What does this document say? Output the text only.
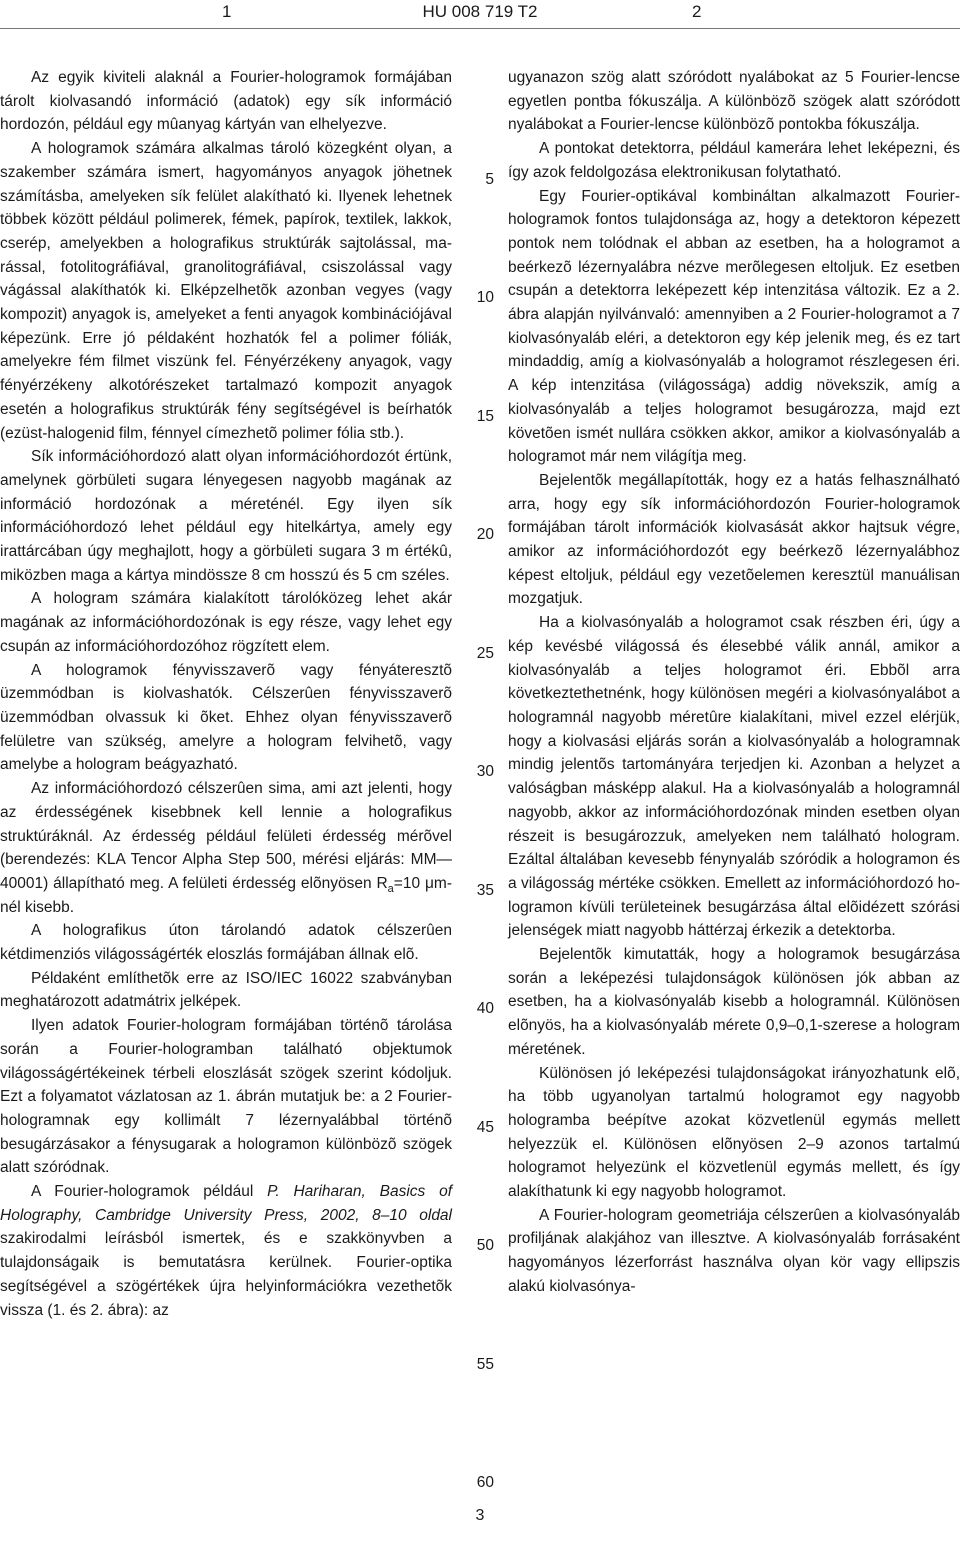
1	HU 008 719 T2	2

Az egyik kiviteli alaknál a Fourier-hologramok formájában tárolt kiolvasandó információ (adatok) egy sík információ hordozón, például egy mûanyag kártyán van elhelyezve.

A hologramok számára alkalmas tároló közegként olyan, a szakember számára ismert, hagyományos anyagok jöhetnek számításba, amelyeken sík felület alakítható ki. Ilyenek lehetnek többek között például polimerek, fémek, papírok, textilek, lakkok, cserép, amelyekben a holografikus struktúrák sajtolással, marással, fotolitográfiával, granolitográfiával, csiszolással vagy vágással alakíthatók ki. Elképzelhetõk azonban vegyes (vagy kompozit) anyagok is, amelyeket a fenti anyagok kombinációjával képezünk. Erre jó példaként hozhatók fel a polimer fóliák, amelyekre fém filmet viszünk fel. Fényérzékeny anyagok, vagy fényérzékeny alkotórészeket tartalmazó kompozit anyagok esetén a holografikus struktúrák fény segítségével is beírhatók (ezüst-halogenid film, fénnyel címezhetõ polimer fólia stb.).

Sík információhordozó alatt olyan információhordozót értünk, amelynek görbületi sugara lényegesen nagyobb magának az információ hordozónak a méreténél. Egy ilyen sík információhordozó lehet például egy hitelkártya, amely egy irattárcában úgy meghajlott, hogy a görbületi sugara 3 m értékû, miközben maga a kártya mindössze 8 cm hosszú és 5 cm széles.

A hologram számára kialakított tárolóközeg lehet akár magának az információhordozónak is egy része, vagy lehet egy csupán az információhordozóhoz rögzített elem.

A hologramok fényvisszaverõ vagy fényáteresztõ üzemmódban is kiolvashatók. Célszerûen fényvisszaverõ üzemmódban olvassuk ki õket. Ehhez olyan fényvisszaverõ felületre van szükség, amelyre a hologram felvihetõ, vagy amelybe a hologram beágyazható.

Az információhordozó célszerûen sima, ami azt jelenti, hogy az érdességének kisebbnek kell lennie a holografikus struktúráknál. Az érdesség például felületi érdesség mérõvel (berendezés: KLA Tencor Alpha Step 500, mérési eljárás: MM—40001) állapítható meg. A felületi érdesség elõnyösen $R_a=10$ μm-nél kisebb.

A holografikus úton tárolandó adatok célszerûen kétdimenziós világosságérték eloszlás formájában állnak elõ.

Példaként említhetõk erre az ISO/IEC 16022 szabványban meghatározott adatmátrix jelképek.

Ilyen adatok Fourier-hologram formájában történõ tárolása során a Fourier-hologramban található objektumok világosságértékeinek térbeli eloszlását szögek szerint kódoljuk. Ezt a folyamatot vázlatosan az 1. ábrán mutatjuk be: a 2 Fourier-hologramnak egy kollimált 7 lézernyalábbal történõ besugárzásakor a fénysugarak a hologramon különbözõ szögek alatt szóródnak.

A Fourier-hologramok például P. Hariharan, Basics of Holography, Cambridge University Press, 2002, 8–10 oldal szakirodalmi leírásból ismertek, és e szakkönyvben a tulajdonságaik is bemutatásra kerülnek. Fourier-optika segítségével a szögértékek újra helyinformációkra vezethetõk vissza (1. és 2. ábra): az

5
10
15
20
25
30
35
40
45
50
55
60

ugyanazon szög alatt szóródott nyalábokat az 5 Fourier-lencse egyetlen pontba fókuszálja. A különbözõ szögek alatt szóródott nyalábokat a Fourier-lencse különbözõ pontokba fókuszálja.

A pontokat detektorra, például kamerára lehet leképezni, és így azok feldolgozása elektronikusan folytatható.

Egy Fourier-optikával kombináltan alkalmazott Fourier-hologramok fontos tulajdonsága az, hogy a detektoron képezett pontok nem tolódnak el abban az esetben, ha a hologramot a beérkezõ lézernyalábra nézve merõlegesen eltoljuk. Ez esetben csupán a detektorra leképezett kép intenzitása változik. Ez a 2. ábra alapján nyilvánvaló: amennyiben a 2 Fourier-hologramot a 7 kiolvasónyaláb eléri, a detektoron egy kép jelenik meg, és ez tart mindaddig, amíg a kiolvasónyaláb a hologramot részlegesen éri. A kép intenzitása (világossága) addig növekszik, amíg a kiolvasónyaláb a teljes hologramot besugározza, majd ezt követõen ismét nullára csökken akkor, amikor a kiolvasónyaláb a hologramot már nem világítja meg.

Bejelentõk megállapították, hogy ez a hatás felhasználható arra, hogy egy sík információhordozón Fourier-hologramok formájában tárolt információk kiolvasását akkor hajtsuk végre, amikor az információhordozót egy beérkezõ lézernyalábhoz képest eltoljuk, például egy vezetõelemen keresztül manuálisan mozgatjuk.

Ha a kiolvasónyaláb a hologramot csak részben éri, úgy a kép kevésbé világossá és élesebbé válik annál, amikor a kiolvasónyaláb a teljes hologramot éri. Ebbõl arra következtethetnénk, hogy különösen megéri a kiolvasónyalábot a hologramnál nagyobb méretûre kialakítani, mivel ezzel elérjük, hogy a kiolvasási eljárás során a kiolvasónyaláb a hologramnak mindig jelentõs tartományára terjedjen ki. Azonban a helyzet a valóságban másképp alakul. Ha a kiolvasónyaláb a hologramnál nagyobb, akkor az információhordozónak minden esetben olyan részeit is besugározzuk, amelyeken nem található hologram. Ezáltal általában kevesebb fénynyaláb szóródik a hologramon és a világosság mértéke csökken. Emellett az információhordozó hologramon kívüli területeinek besugárzása által elõidézett szórási jelenségek miatt nagyobb háttérzaj érkezik a detektorba.

Bejelentõk kimutatták, hogy a hologramok besugárzása során a leképezési tulajdonságok különösen jók abban az esetben, ha a kiolvasónyaláb kisebb a hologramnál. Különösen elõnyös, ha a kiolvasónyaláb mérete 0,9–0,1-szerese a hologram méretének.

Különösen jó leképezési tulajdonságokat irányozhatunk elõ, ha több ugyanolyan tartalmú hologramot egy nagyobb hologramba beépítve azokat közvetlenül egymás mellett helyezzük el. Különösen elõnyösen 2–9 azonos tartalmú hologramot helyezünk el közvetlenül egymás mellett, és így alakíthatunk ki egy nagyobb hologramot.

A Fourier-hologram geometriája célszerûen a kiolvasónyaláb profiljának alakjához van illesztve. A kiolvasónyaláb forrásaként hagyományos lézerforrást használva olyan kör vagy ellipszis alakú kiolvasónya-

3
